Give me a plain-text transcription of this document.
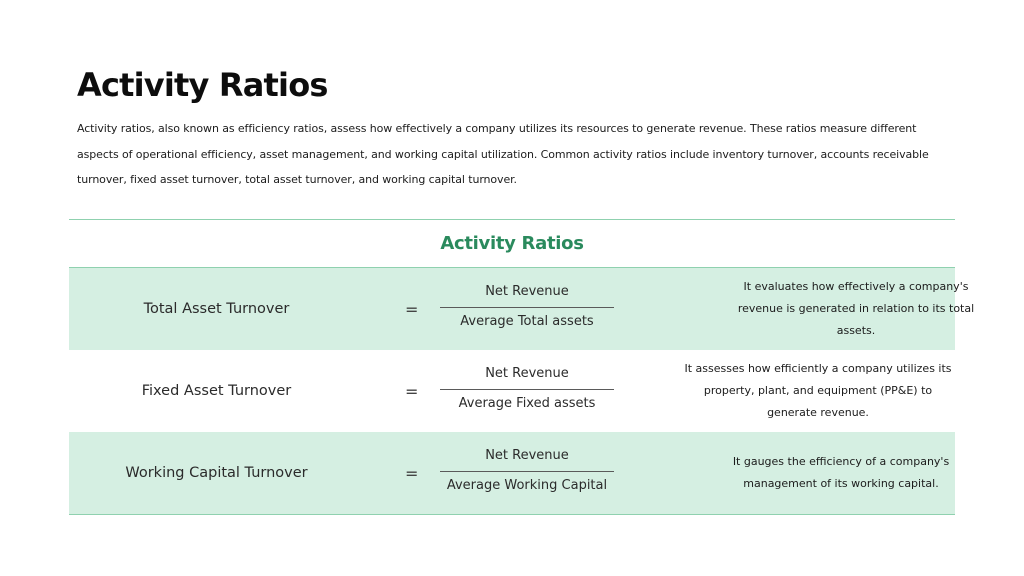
Activity Ratios

Activity ratios, also known as efficiency ratios, assess how effectively a company utilizes its resources to generate revenue. These ratios measure different aspects of operational efficiency, asset management, and working capital utilization. Common activity ratios include inventory turnover, accounts receivable turnover, fixed asset turnover, total asset turnover, and working capital turnover.

Activity Ratios
Total Asset Turnover	=
Net Revenue
Average Total assets

It evaluates how effectively a company's revenue is generated in relation to its total assets.

Fixed Asset Turnover	=
Net Revenue
Average Fixed assets

It assesses how efficiently a company utilizes its property, plant, and equipment (PP&E) to generate revenue.

Working Capital Turnover	=
Net Revenue
Average Working Capital

It gauges the efficiency of a company's management of its working capital.
